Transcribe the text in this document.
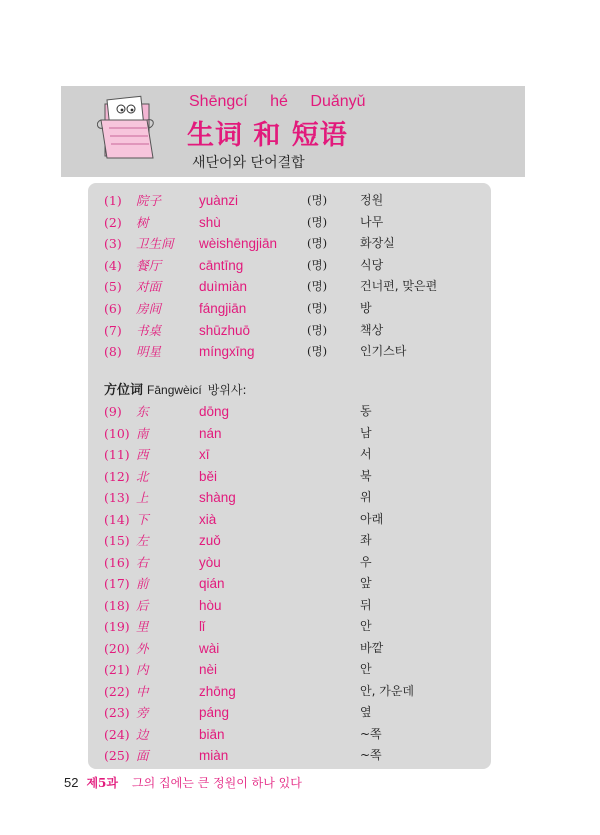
Shēngcí hé Duǎnyǔ
生词 和 短语
새단어와 단어결합
(1) 院子	yuànzi	(명)	정원
(2) 树	shù	(명)	나무
(3) 卫生间 wèishēngjiān	(명)	화장실
(4) 餐厅	cāntīng	(명)	식당
(5) 对面	duìmiàn	(명)	건너편, 맞은편
(6) 房间	fángjiān	(명)	방
(7) 书桌	shūzhuō	(명)	책상
(8) 明星	míngxīng	(명)	인기스타
方位词 Fāngwèicí 방위사:
(9) 东	dōng	동
(10) 南	nán	남
(11) 西	xī	서
(12) 北	běi	북
(13) 上	shàng	위
(14) 下	xià	아래
(15) 左	zuǒ	좌
(16) 右	yòu	우
(17) 前	qián	앞
(18) 后	hòu	뒤
(19) 里	lǐ	안
(20) 外	wài	바깥
(21) 内	nèi	안
(22) 中	zhōng	안, 가운데
(23) 旁	páng	옆
(24) 边	biān	~쪽
(25) 面	miàn	~쪽
52 제5과 그의 집에는 큰 정원이 하나 있다
